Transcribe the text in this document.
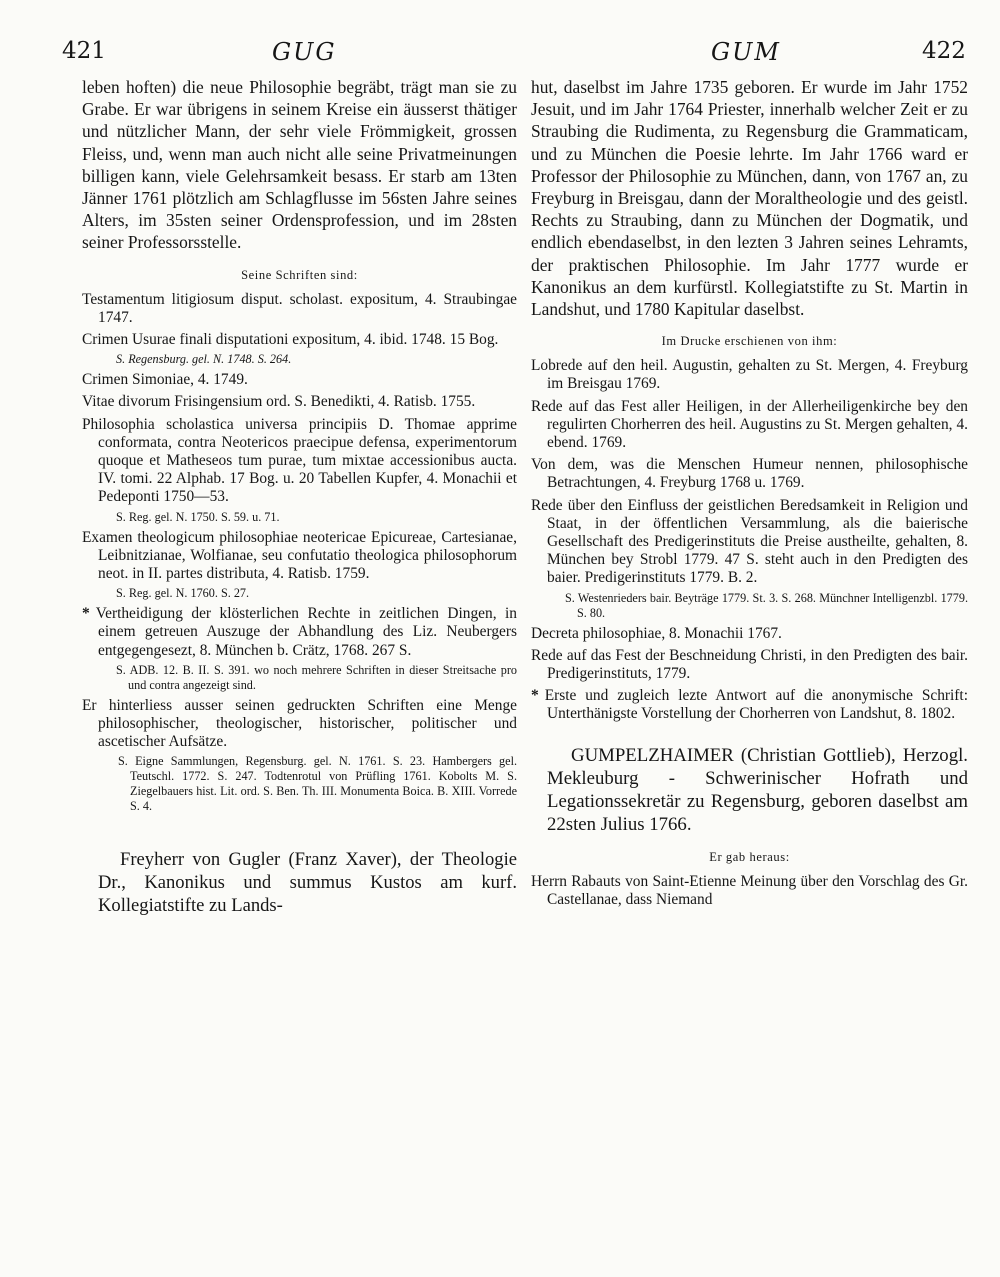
421	GUG	GUM	422

leben hoften) die neue Philosophie begräbt, trägt man sie zu Grabe. Er war übrigens in seinem Kreise ein äusserst thätiger und nützlicher Mann, der sehr viele Frömmigkeit, grossen Fleiss, und, wenn man auch nicht alle seine Privatmeinungen billigen kann, viele Gelehrsamkeit besass. Er starb am 13ten Jänner 1761 plötzlich am Schlagflusse im 56sten Jahre seines Alters, im 35sten seiner Ordensprofession, und im 28sten seiner Professorsstelle.

Seine Schriften sind:

Testamentum litigiosum disput. scholast. expositum, 4. Straubingae 1747.

Crimen Usurae finali disputationi expositum, 4. ibid. 1748. 15 Bog.

S. Regensburg. gel. N. 1748. S. 264.

Crimen Simoniae, 4. 1749.

Vitae divorum Frisingensium ord. S. Benedikti, 4. Ratisb. 1755.

Philosophia scholastica universa principiis D. Thomae apprime conformata, contra Neotericos praecipue defensa, experimentorum quoque et Matheseos tum purae, tum mixtae accessionibus aucta. IV. tomi. 22 Alphab. 17 Bog. u. 20 Tabellen Kupfer, 4. Monachii et Pedeponti 1750—53.

S. Reg. gel. N. 1750. S. 59. u. 71.

Examen theologicum philosophiae neotericae Epicureae, Cartesianae, Leibnitzianae, Wolfianae, seu confutatio theologica philosophorum neot. in II. partes distributa, 4. Ratisb. 1759.

S. Reg. gel. N. 1760. S. 27.

* Vertheidigung der klösterlichen Rechte in zeitlichen Dingen, in einem getreuen Auszuge der Abhandlung des Liz. Neubergers entgegengesezt, 8. München b. Crätz, 1768. 267 S.

S. ADB. 12. B. II. S. 391. wo noch mehrere Schriften in dieser Streitsache pro und contra angezeigt sind.

Er hinterliess ausser seinen gedruckten Schriften eine Menge philosophischer, theologischer, historischer, politischer und ascetischer Aufsätze.

S. Eigne Sammlungen, Regensburg. gel. N. 1761. S. 23. Hambergers gel. Teutschl. 1772. S. 247. Todtenrotul von Prüfling 1761. Kobolts M. S. Ziegelbauers hist. Lit. ord. S. Ben. Th. III. Monumenta Boica. B. XIII. Vorrede S. 4.

Freyherr von Gugler (Franz Xaver), der Theologie Dr., Kanonikus und summus Kustos am kurf. Kollegiatstifte zu Lands-

hut, daselbst im Jahre 1735 geboren. Er wurde im Jahr 1752 Jesuit, und im Jahr 1764 Priester, innerhalb welcher Zeit er zu Straubing die Rudimenta, zu Regensburg die Grammaticam, und zu München die Poesie lehrte. Im Jahr 1766 ward er Professor der Philosophie zu München, dann, von 1767 an, zu Freyburg in Breisgau, dann der Moraltheologie und des geistl. Rechts zu Straubing, dann zu München der Dogmatik, und endlich ebendaselbst, in den lezten 3 Jahren seines Lehramts, der praktischen Philosophie. Im Jahr 1777 wurde er Kanonikus an dem kurfürstl. Kollegiatstifte zu St. Martin in Landshut, und 1780 Kapitular daselbst.

Im Drucke erschienen von ihm:

Lobrede auf den heil. Augustin, gehalten zu St. Mergen, 4. Freyburg im Breisgau 1769.

Rede auf das Fest aller Heiligen, in der Allerheiligenkirche bey den regulirten Chorherren des heil. Augustins zu St. Mergen gehalten, 4. ebend. 1769.

Von dem, was die Menschen Humeur nennen, philosophische Betrachtungen, 4. Freyburg 1768 u. 1769.

Rede über den Einfluss der geistlichen Beredsamkeit in Religion und Staat, in der öffentlichen Versammlung, als die baierische Gesellschaft des Predigerinstituts die Preise austheilte, gehalten, 8. München bey Strobl 1779. 47 S. steht auch in den Predigten des baier. Predigerinstituts 1779. B. 2.

S. Westenrieders bair. Beyträge 1779. St. 3. S. 268. Münchner Intelligenzbl. 1779. S. 80.

Decreta philosophiae, 8. Monachii 1767.

Rede auf das Fest der Beschneidung Christi, in den Predigten des bair. Predigerinstituts, 1779.

* Erste und zugleich lezte Antwort auf die anonymische Schrift: Unterthänigste Vorstellung der Chorherren von Landshut, 8. 1802.

GUMPELZHAIMER (Christian Gottlieb), Herzogl. Mekleuburg - Schwerinischer Hofrath und Legationssekretär zu Regensburg, geboren daselbst am 22sten Julius 1766.

Er gab heraus:

Herrn Rabauts von Saint-Etienne Meinung über den Vorschlag des Gr. Castellanae, dass Niemand
